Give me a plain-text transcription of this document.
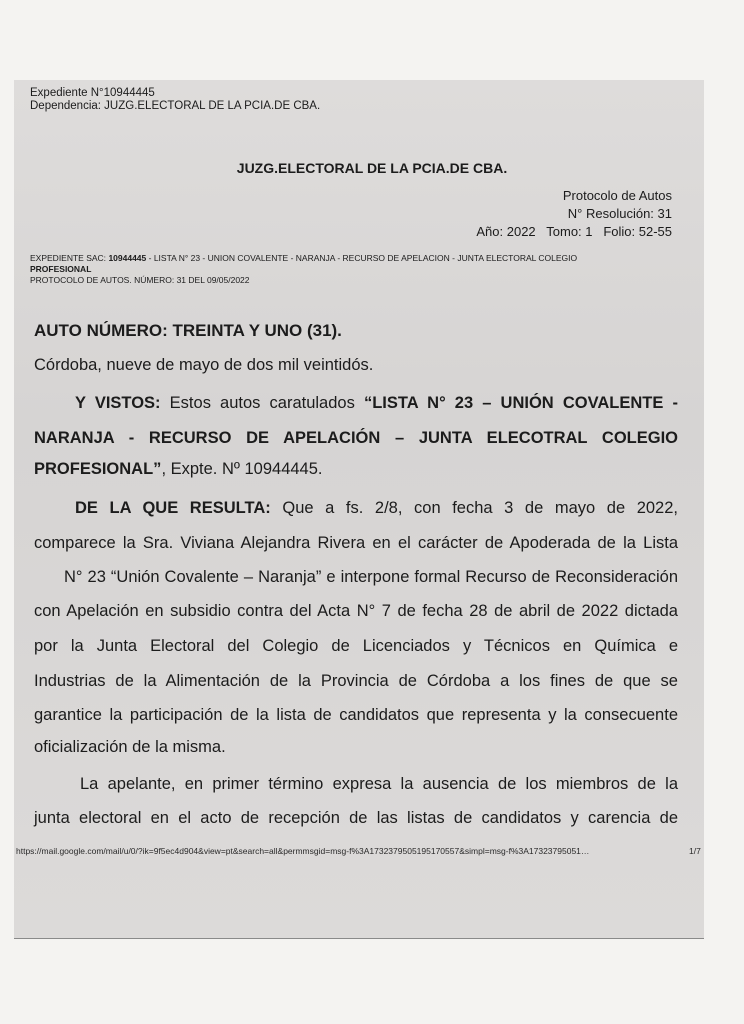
Expediente N°10944445
Dependencia: JUZG.ELECTORAL DE LA PCIA.DE CBA.
JUZG.ELECTORAL DE LA PCIA.DE CBA.
Protocolo de Autos
N° Resolución: 31
Año: 2022   Tomo: 1   Folio: 52-55
EXPEDIENTE SAC: 10944445 - LISTA N° 23 - UNION COVALENTE - NARANJA - RECURSO DE APELACION - JUNTA ELECTORAL COLEGIO
PROFESIONAL
PROTOCOLO DE AUTOS. NÚMERO: 31 DEL 09/05/2022
AUTO NÚMERO: TREINTA Y UNO (31).
Córdoba, nueve de mayo de dos mil veintidós.
Y VISTOS: Estos autos caratulados “LISTA N° 23 – UNIÓN COVALENTE -
NARANJA - RECURSO DE APELACIÓN – JUNTA ELECOTRAL COLEGIO
PROFESIONAL”, Expte. Nº 10944445.
DE LA QUE RESULTA: Que a fs. 2/8, con fecha 3 de mayo de 2022,
comparece la Sra. Viviana Alejandra Rivera en el carácter de Apoderada de la Lista
N° 23 “Unión Covalente – Naranja” e interpone formal Recurso de Reconsideración
con Apelación en subsidio contra del Acta N° 7 de fecha 28 de abril de 2022 dictada
por la Junta Electoral del Colegio de Licenciados y Técnicos en Química e
Industrias de la Alimentación de la Provincia de Córdoba a los fines de que se
garantice la participación de la lista de candidatos que representa y la consecuente
oficialización de la misma.
La apelante, en primer término expresa la ausencia de los miembros de la
junta electoral en el acto de recepción de las listas de candidatos y carencia de
https://mail.google.com/mail/u/0/?ik=9f5ec4d904&view=pt&search=all&permmsgid=msg-f%3A1732379505195170557&simpl=msg-f%3A17323795051…	1/7
